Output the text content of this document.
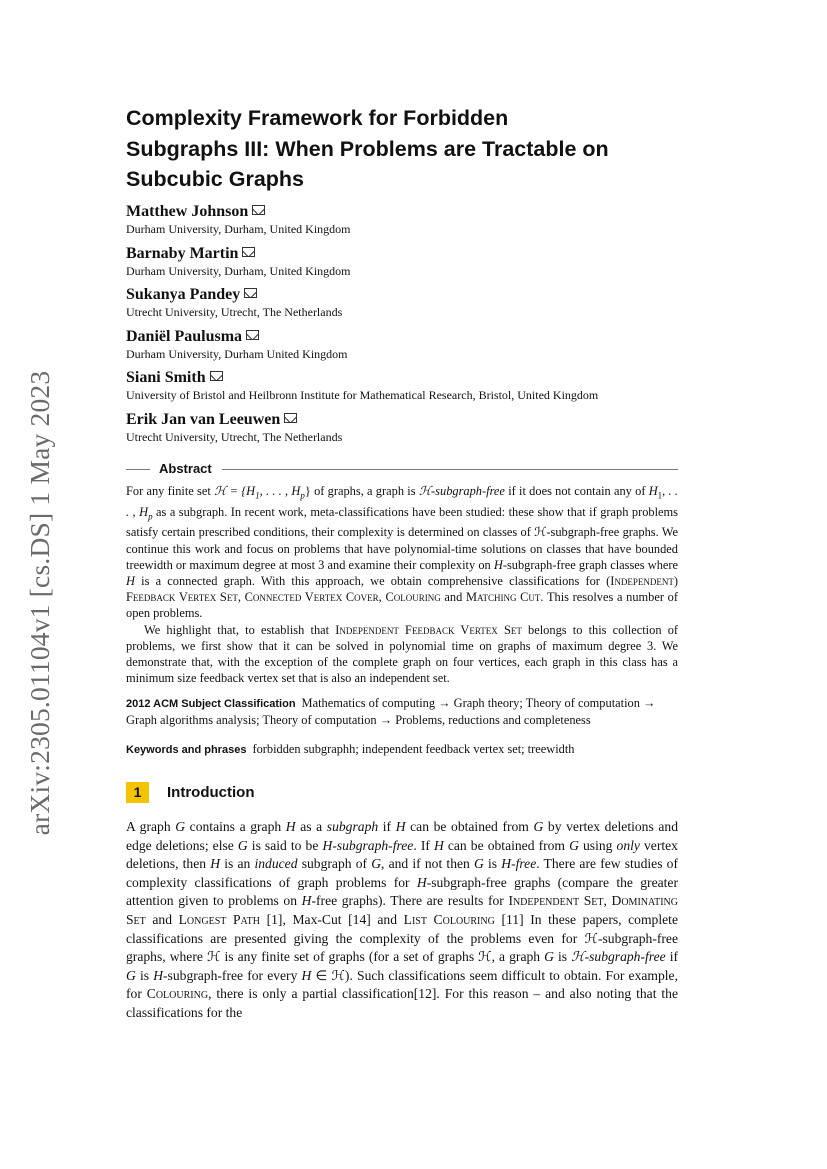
arXiv:2305.01104v1 [cs.DS] 1 May 2023
Complexity Framework for Forbidden
Subgraphs III: When Problems are Tractable on
Subcubic Graphs
Matthew Johnson
Durham University, Durham, United Kingdom
Barnaby Martin
Durham University, Durham, United Kingdom
Sukanya Pandey
Utrecht University, Utrecht, The Netherlands
Daniël Paulusma
Durham University, Durham United Kingdom
Siani Smith
University of Bristol and Heilbronn Institute for Mathematical Research, Bristol, United Kingdom
Erik Jan van Leeuwen
Utrecht University, Utrecht, The Netherlands
Abstract

For any finite set ℋ = {$H_1$, . . . , $H_p$} of graphs, a graph is ℋ-subgraph-free if it does not contain any of $H_1$, . . . , $H_p$ as a subgraph. In recent work, meta-classifications have been studied: these show that if graph problems satisfy certain prescribed conditions, their complexity is determined on classes of ℋ-subgraph-free graphs. We continue this work and focus on problems that have polynomial-time solutions on classes that have bounded treewidth or maximum degree at most 3 and examine their complexity on H-subgraph-free graph classes where H is a connected graph. With this approach, we obtain comprehensive classifications for (Independent) Feedback Vertex Set, Connected Vertex Cover, Colouring and Matching Cut. This resolves a number of open problems.

We highlight that, to establish that Independent Feedback Vertex Set belongs to this collection of problems, we first show that it can be solved in polynomial time on graphs of maximum degree 3. We demonstrate that, with the exception of the complete graph on four vertices, each graph in this class has a minimum size feedback vertex set that is also an independent set.

2012 ACM Subject Classification Mathematics of computing → Graph theory; Theory of computation → Graph algorithms analysis; Theory of computation → Problems, reductions and completeness
Keywords and phrases forbidden subgraphh; independent feedback vertex set; treewidth
1	Introduction

A graph G contains a graph H as a subgraph if H can be obtained from G by vertex deletions and edge deletions; else G is said to be H-subgraph-free. If H can be obtained from G using only vertex deletions, then H is an induced subgraph of G, and if not then G is H-free. There are few studies of complexity classifications of graph problems for H-subgraph-free graphs (compare the greater attention given to problems on H-free graphs). There are results for Independent Set, Dominating Set and Longest Path [1], Max-Cut [14] and List Colouring [11] In these papers, complete classifications are presented giving the complexity of the problems even for ℋ-subgraph-free graphs, where ℋ is any finite set of graphs (for a set of graphs ℋ, a graph G is ℋ-subgraph-free if G is H-subgraph-free for every H ∈ ℋ). Such classifications seem difficult to obtain. For example, for Colouring, there is only a partial classification[12]. For this reason – and also noting that the classifications for the
